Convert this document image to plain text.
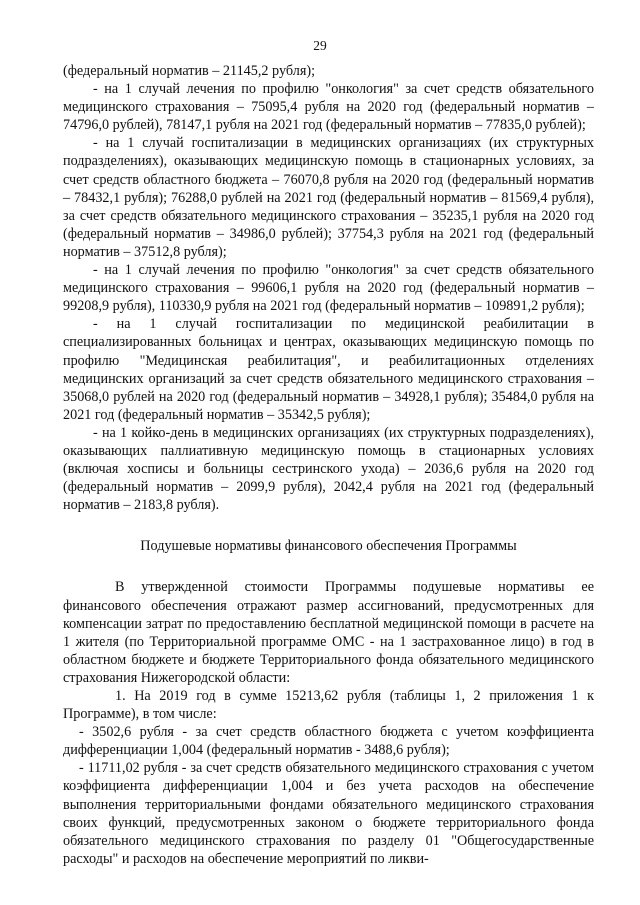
29

(федеральный норматив – 21145,2 рубля);

- на 1 случай лечения по профилю "онкология" за счет средств обязательного медицинского страхования – 75095,4 рубля на 2020 год (федеральный норматив – 74796,0 рублей), 78147,1 рубля на 2021 год (федеральный норматив – 77835,0 рублей);

- на 1 случай госпитализации в медицинских организациях (их структурных подразделениях), оказывающих медицинскую помощь в стационарных условиях, за счет средств областного бюджета – 76070,8 рубля на 2020 год (федеральный норматив – 78432,1 рубля); 76288,0 рублей на 2021 год (федеральный норматив – 81569,4 рубля), за счет средств обязательного медицинского страхования – 35235,1 рубля на 2020 год (федеральный норматив – 34986,0 рублей); 37754,3 рубля на 2021 год (федеральный норматив – 37512,8 рубля);

- на 1 случай лечения по профилю "онкология" за счет средств обязательного медицинского страхования – 99606,1 рубля на 2020 год (федеральный норматив – 99208,9 рубля), 110330,9 рубля на 2021 год (федеральный норматив – 109891,2 рубля);

- на 1 случай госпитализации по медицинской реабилитации в специализированных больницах и центрах, оказывающих медицинскую помощь по профилю "Медицинская реабилитация", и реабилитационных отделениях медицинских организаций за счет средств обязательного медицинского страхования – 35068,0 рублей на 2020 год (федеральный норматив – 34928,1 рубля); 35484,0 рубля на 2021 год (федеральный норматив – 35342,5 рубля);

- на 1 койко-день в медицинских организациях (их структурных подразделениях), оказывающих паллиативную медицинскую помощь в стационарных условиях (включая хосписы и больницы сестринского ухода) – 2036,6 рубля на 2020 год (федеральный норматив – 2099,9 рубля), 2042,4 рубля на 2021 год (федеральный норматив – 2183,8 рубля).

Подушевые нормативы финансового обеспечения Программы

В утвержденной стоимости Программы подушевые нормативы ее финансового обеспечения отражают размер ассигнований, предусмотренных для компенсации затрат по предоставлению бесплатной медицинской помощи в расчете на 1 жителя (по Территориальной программе ОМС - на 1 застрахованное лицо) в год в областном бюджете и бюджете Территориального фонда обязательного медицинского страхования Нижегородской области:

1. На 2019 год в сумме 15213,62 рубля (таблицы 1, 2 приложения 1 к Программе), в том числе:

- 3502,6 рубля - за счет средств областного бюджета с учетом коэффициента дифференциации 1,004 (федеральный норматив - 3488,6 рубля);

- 11711,02 рубля - за счет средств обязательного медицинского страхования с учетом коэффициента дифференциации 1,004 и без учета расходов на обеспечение выполнения территориальными фондами обязательного медицинского страхования своих функций, предусмотренных законом о бюджете территориального фонда обязательного медицинского страхования по разделу 01 "Общегосударственные расходы" и расходов на обеспечение мероприятий по ликви-
